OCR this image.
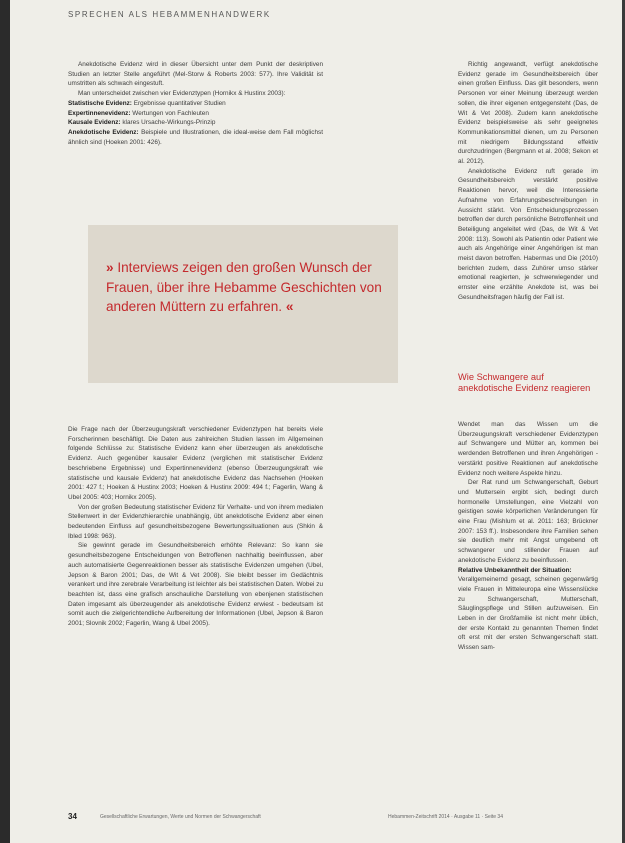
SPRECHEN ALS HEBAMMENHANDWERK

Anekdotische Evidenz wird in dieser Übersicht unter dem Punkt der deskriptiven Studien an letzter Stelle angeführt (Mel-Storw & Roberts 2003: 577). Ihre Validität ist umstritten als schwach eingestuft.

Man unterscheidet zwischen vier Evidenztypen (Hornikx & Hustinx 2003):

Statistische Evidenz: Ergebnisse quantitativer Studien

Expertinnenevidenz: Wertungen von Fachleuten

Kausale Evidenz: klares Ursache-Wirkungs-Prinzip

Anekdotische Evidenz: Beispiele und Illustrationen, die ideal-weise dem Fall möglichst ähnlich sind (Hoeken 2001: 426).

» Interviews zeigen den großen Wunsch der Frauen, über ihre Hebamme Geschichten von anderen Müttern zu erfahren. «

Die Frage nach der Überzeugungskraft verschiedener Evidenztypen hat bereits viele Forscherinnen beschäftigt. Die Daten aus zahlreichen Studien lassen im Allgemeinen folgende Schlüsse zu: Statistische Evidenz kann eher überzeugen als anekdotische Evidenz. Auch gegenüber kausaler Evidenz (verglichen mit statistischer Evidenz beschriebene Ergebnisse) und Expertinnenevidenz (ebenso Überzeugungskraft wie statistische und kausale Evidenz) hat anekdotische Evidenz das Nachsehen (Hoeken 2001: 427 f.; Hoeken & Hustinx 2003; Hoeken & Hustinx 2009: 494 f.; Fagerlin, Wang & Ubel 2005: 403; Hornikx 2005).

Von der großen Bedeutung statistischer Evidenz für Verhalte- und von ihrem medialen Stellenwert in der Evidenzhierarchie unabhängig, übt anekdotische Evidenz aber einen bedeutenden Einfluss auf gesundheitsbezogene Bewertungssituationen aus (Shkin & Ibled 1998: 963).

Sie gewinnt gerade im Gesundheitsbereich erhöhte Relevanz: So kann sie gesundheitsbezogene Entscheidungen von Betroffenen nachhaltig beeinflussen, aber auch automatisierte Gegenreaktionen besser als statistische Evidenzen umgehen (Ubel, Jepson & Baron 2001; Das, de Wit & Vet 2008). Sie bleibt besser im Gedächtnis verankert und ihre zerebrale Verarbeitung ist leichter als bei statistischen Daten. Wobei zu beachten ist, dass eine grafisch anschauliche Darstellung von ebenjenen statistischen Daten imgesamt als überzeugender als anekdotische Evidenz erwiest - bedeutsam ist somit auch die zielgerichtendliche Aufbereitung der Informationen (Ubel, Jepson & Baron 2001; Slovnik 2002; Fagerlin, Wang & Ubel 2005).

Richtig angewandt, verfügt anekdotische Evidenz gerade im Gesundheitsbereich über einen großen Einfluss. Das gilt besonders, wenn Personen vor einer Meinung überzeugt werden sollen, die ihrer eigenen entgegensteht (Das, de Wit & Vet 2008). Zudem kann anekdotische Evidenz beispielsweise als sehr geeignetes Kommunikationsmittel dienen, um zu Personen mit niedrigem Bildungsstand effektiv durchzudringen (Bergmann et al. 2008; Sekon et al. 2012).

Anekdotische Evidenz ruft gerade im Gesundheitsbereich verstärkt positive Reaktionen hervor, weil die Interessierte Aufnahme von Erfahrungsbeschreibungen in Aussicht stärkt. Von Entscheidungsprozessen betroffen der durch persönliche Betroffenheit und Beteiligung angeleitet wird (Das, de Wit & Vet 2008: 113). Sowohl als Patientin oder Patient wie auch als Angehörige einer Angehörigen ist man meist davon betroffen. Habermas und Die (2010) berichten zudem, dass Zuhörer umso stärker emotional reagierten, je schwerwiegender und ernster eine erzählte Anekdote ist, was bei Gesundheitsfragen häufig der Fall ist.

Wie Schwangere auf anekdotische Evidenz reagieren

Wendet man das Wissen um die Überzeugungskraft verschiedener Evidenztypen auf Schwangere und Mütter an, kommen bei werdenden Betroffenen und ihren Angehörigen - verstärkt positive Reaktionen auf anekdotische Evidenz noch weitere Aspekte hinzu.

Der Rat rund um Schwangerschaft, Geburt und Muttersein ergibt sich, bedingt durch hormonelle Umstellungen, eine Vielzahl von geistigen sowie körperlichen Veränderungen für eine Frau (Mishlum et al. 2011: 163; Brückner 2007: 153 ff.). Insbesondere ihre Familien sehen sie deutlich mehr mit Angst umgebend oft schwangerer und stillender Frauen auf anekdotische Evidenz zu beeinflussen.

Relative Unbekanntheit der Situation:
Verallgemeinernd gesagt, scheinen gegenwärtig viele Frauen in Mitteleuropa eine Wissenslücke zu Schwangerschaft, Mutterschaft, Säuglingspflege und Stillen aufzuweisen. Ein Leben in der Großfamilie ist nicht mehr üblich, der erste Kontakt zu genannten Themen findet oft erst mit der ersten Schwangerschaft statt. Wissen sam-

34	Gesellschaftliche Erwartungen, Werte und Normen der Schwangerschaft	Hebammen-Zeitschrift 2014 · Ausgabe 11 · Seite 34
